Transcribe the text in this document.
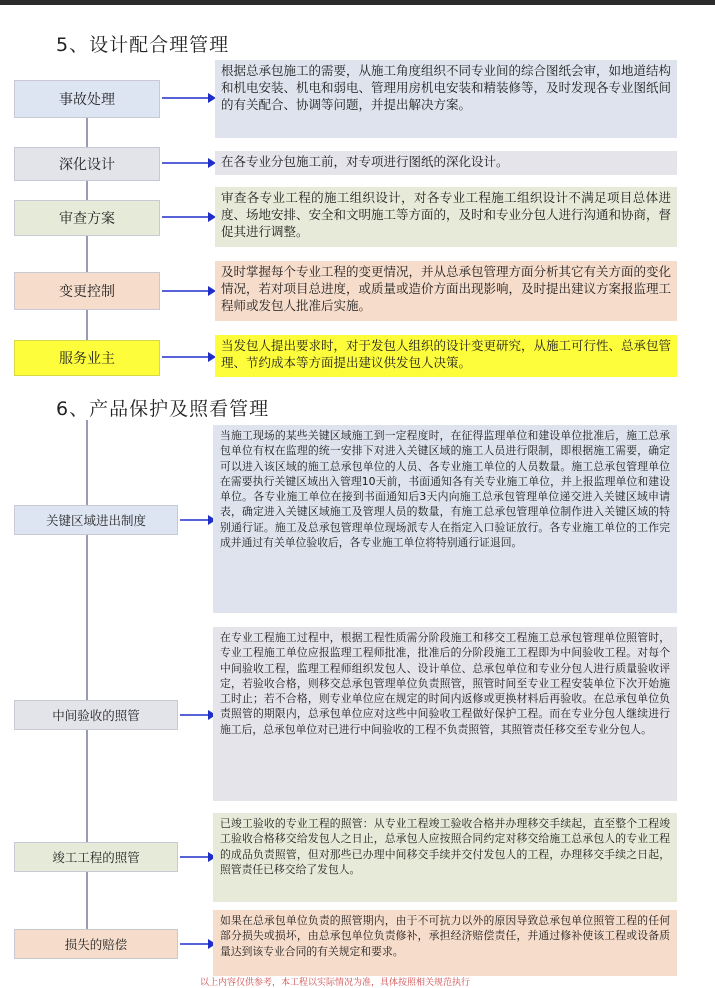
5、设计配合理管理
事故处理
根据总承包施工的需要，从施工角度组织不同专业间的综合图纸会审，如地道结构和机电安装、机电和弱电、管理用房机电安装和精装修等，及时发现各专业图纸间的有关配合、协调等问题，并提出解决方案。
深化设计	在各专业分包施工前，对专项进行图纸的深化设计。
审查方案
审查各专业工程的施工组织设计，对各专业工程施工组织设计不满足项目总体进度、场地安排、安全和文明施工等方面的，及时和专业分包人进行沟通和协商，督促其进行调整。
变更控制
及时掌握每个专业工程的变更情况，并从总承包管理方面分析其它有关方面的变化情况，若对项目总进度，或质量或造价方面出现影响，及时提出建议方案报监理工程师或发包人批准后实施。
服务业主
当发包人提出要求时，对于发包人组织的设计变更研究，从施工可行性、总承包管理、节约成本等方面提出建议供发包人决策。
6、产品保护及照看管理
关键区域进出制度
当施工现场的某些关键区域施工到一定程度时，在征得监理单位和建设单位批准后，施工总承包单位有权在监理的统一安排下对进入关键区域的施工人员进行限制，即根据施工需要，确定可以进入该区域的施工总承包单位的人员、各专业施工单位的人员数量。施工总承包管理单位在需要执行关键区域出入管理10天前，书面通知各有关专业施工单位，并上报监理单位和建设单位。各专业施工单位在接到书面通知后3天内向施工总承包管理单位递交进入关键区域申请表，确定进入关键区域施工及管理人员的数量，有施工总承包管理单位制作进入关键区域的特别通行证。施工及总承包管理单位现场派专人在指定入口验证放行。各专业施工单位的工作完成并通过有关单位验收后，各专业施工单位将特别通行证退回。
中间验收的照管
在专业工程施工过程中，根据工程性质需分阶段施工和移交工程施工总承包管理单位照管时，专业工程施工单位应报监理工程师批准，批准后的分阶段施工工程即为中间验收工程。对每个中间验收工程，监理工程师组织发包人、设计单位、总承包单位和专业分包人进行质量验收评定，若验收合格，则移交总承包管理单位负责照管，照管时间至专业工程安装单位下次开始施工时止；若不合格，则专业单位应在规定的时间内返修或更换材料后再验收。在总承包单位负责照管的期限内，总承包单位应对这些中间验收工程做好保护工程。而在专业分包人继续进行施工后，总承包单位对已进行中间验收的工程不负责照管，其照管责任移交至专业分包人。
竣工工程的照管
已竣工验收的专业工程的照管：从专业工程竣工验收合格并办理移交手续起，直至整个工程竣工验收合格移交给发包人之日止，总承包人应按照合同约定对移交给施工总承包人的专业工程的成品负责照管，但对那些已办理中间移交手续并交付发包人的工程，办理移交手续之日起，照管责任已移交给了发包人。
损失的赔偿
如果在总承包单位负责的照管期内，由于不可抗力以外的原因导致总承包单位照管工程的任何部分损失或损坏，由总承包单位负责修补，承担经济赔偿责任，并通过修补使该工程或设备质量达到该专业合同的有关规定和要求。
以上内容仅供参考，本工程以实际情况为准，具体按照相关规范执行
